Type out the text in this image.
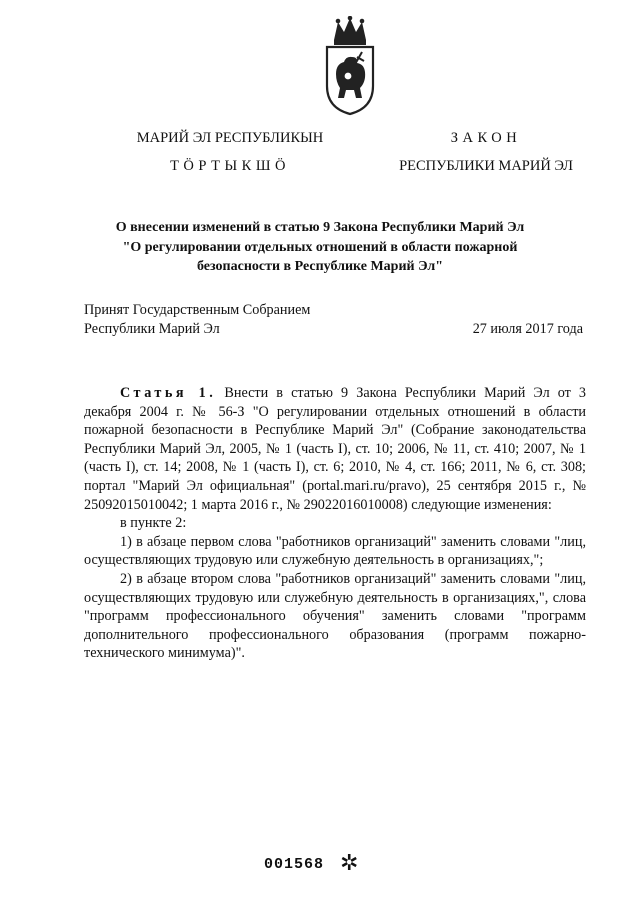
МАРИЙ ЭЛ РЕСПУБЛИКЫН
ТӦРТЫКШӦ
ЗАКОН
РЕСПУБЛИКИ МАРИЙ ЭЛ
О внесении изменений в статью 9 Закона Республики Марий Эл
"О регулировании отдельных отношений в области пожарной
безопасности в Республике Марий Эл"
Принят Государственным Собранием
Республики Марий Эл	27 июля 2017 года

Статья 1. Внести в статью 9 Закона Республики Марий Эл от 3 декабря 2004 г. № 56-З "О регулировании отдельных отношений в области пожарной безопасности в Республике Марий Эл" (Собрание законодательства Республики Марий Эл, 2005, № 1 (часть I), ст. 10; 2006, № 11, ст. 410; 2007, № 1 (часть I), ст. 14; 2008, № 1 (часть I), ст. 6; 2010, № 4, ст. 166; 2011, № 6, ст. 308; портал "Марий Эл официальная" (portal.mari.ru/pravo), 25 сентября 2015 г., № 25092015010042; 1 марта 2016 г., № 29022016010008) следующие изменения:

в пункте 2:

1) в абзаце первом слова "работников организаций" заменить словами "лиц, осуществляющих трудовую или служебную деятельность в организациях,";

2) в абзаце втором слова "работников организаций" заменить словами "лиц, осуществляющих трудовую или служебную деятельность в организациях,", слова "программ профессионального обучения" заменить словами "программ дополнительного профессионального образования (программ пожарно-технического минимума)".

001568 ✲
